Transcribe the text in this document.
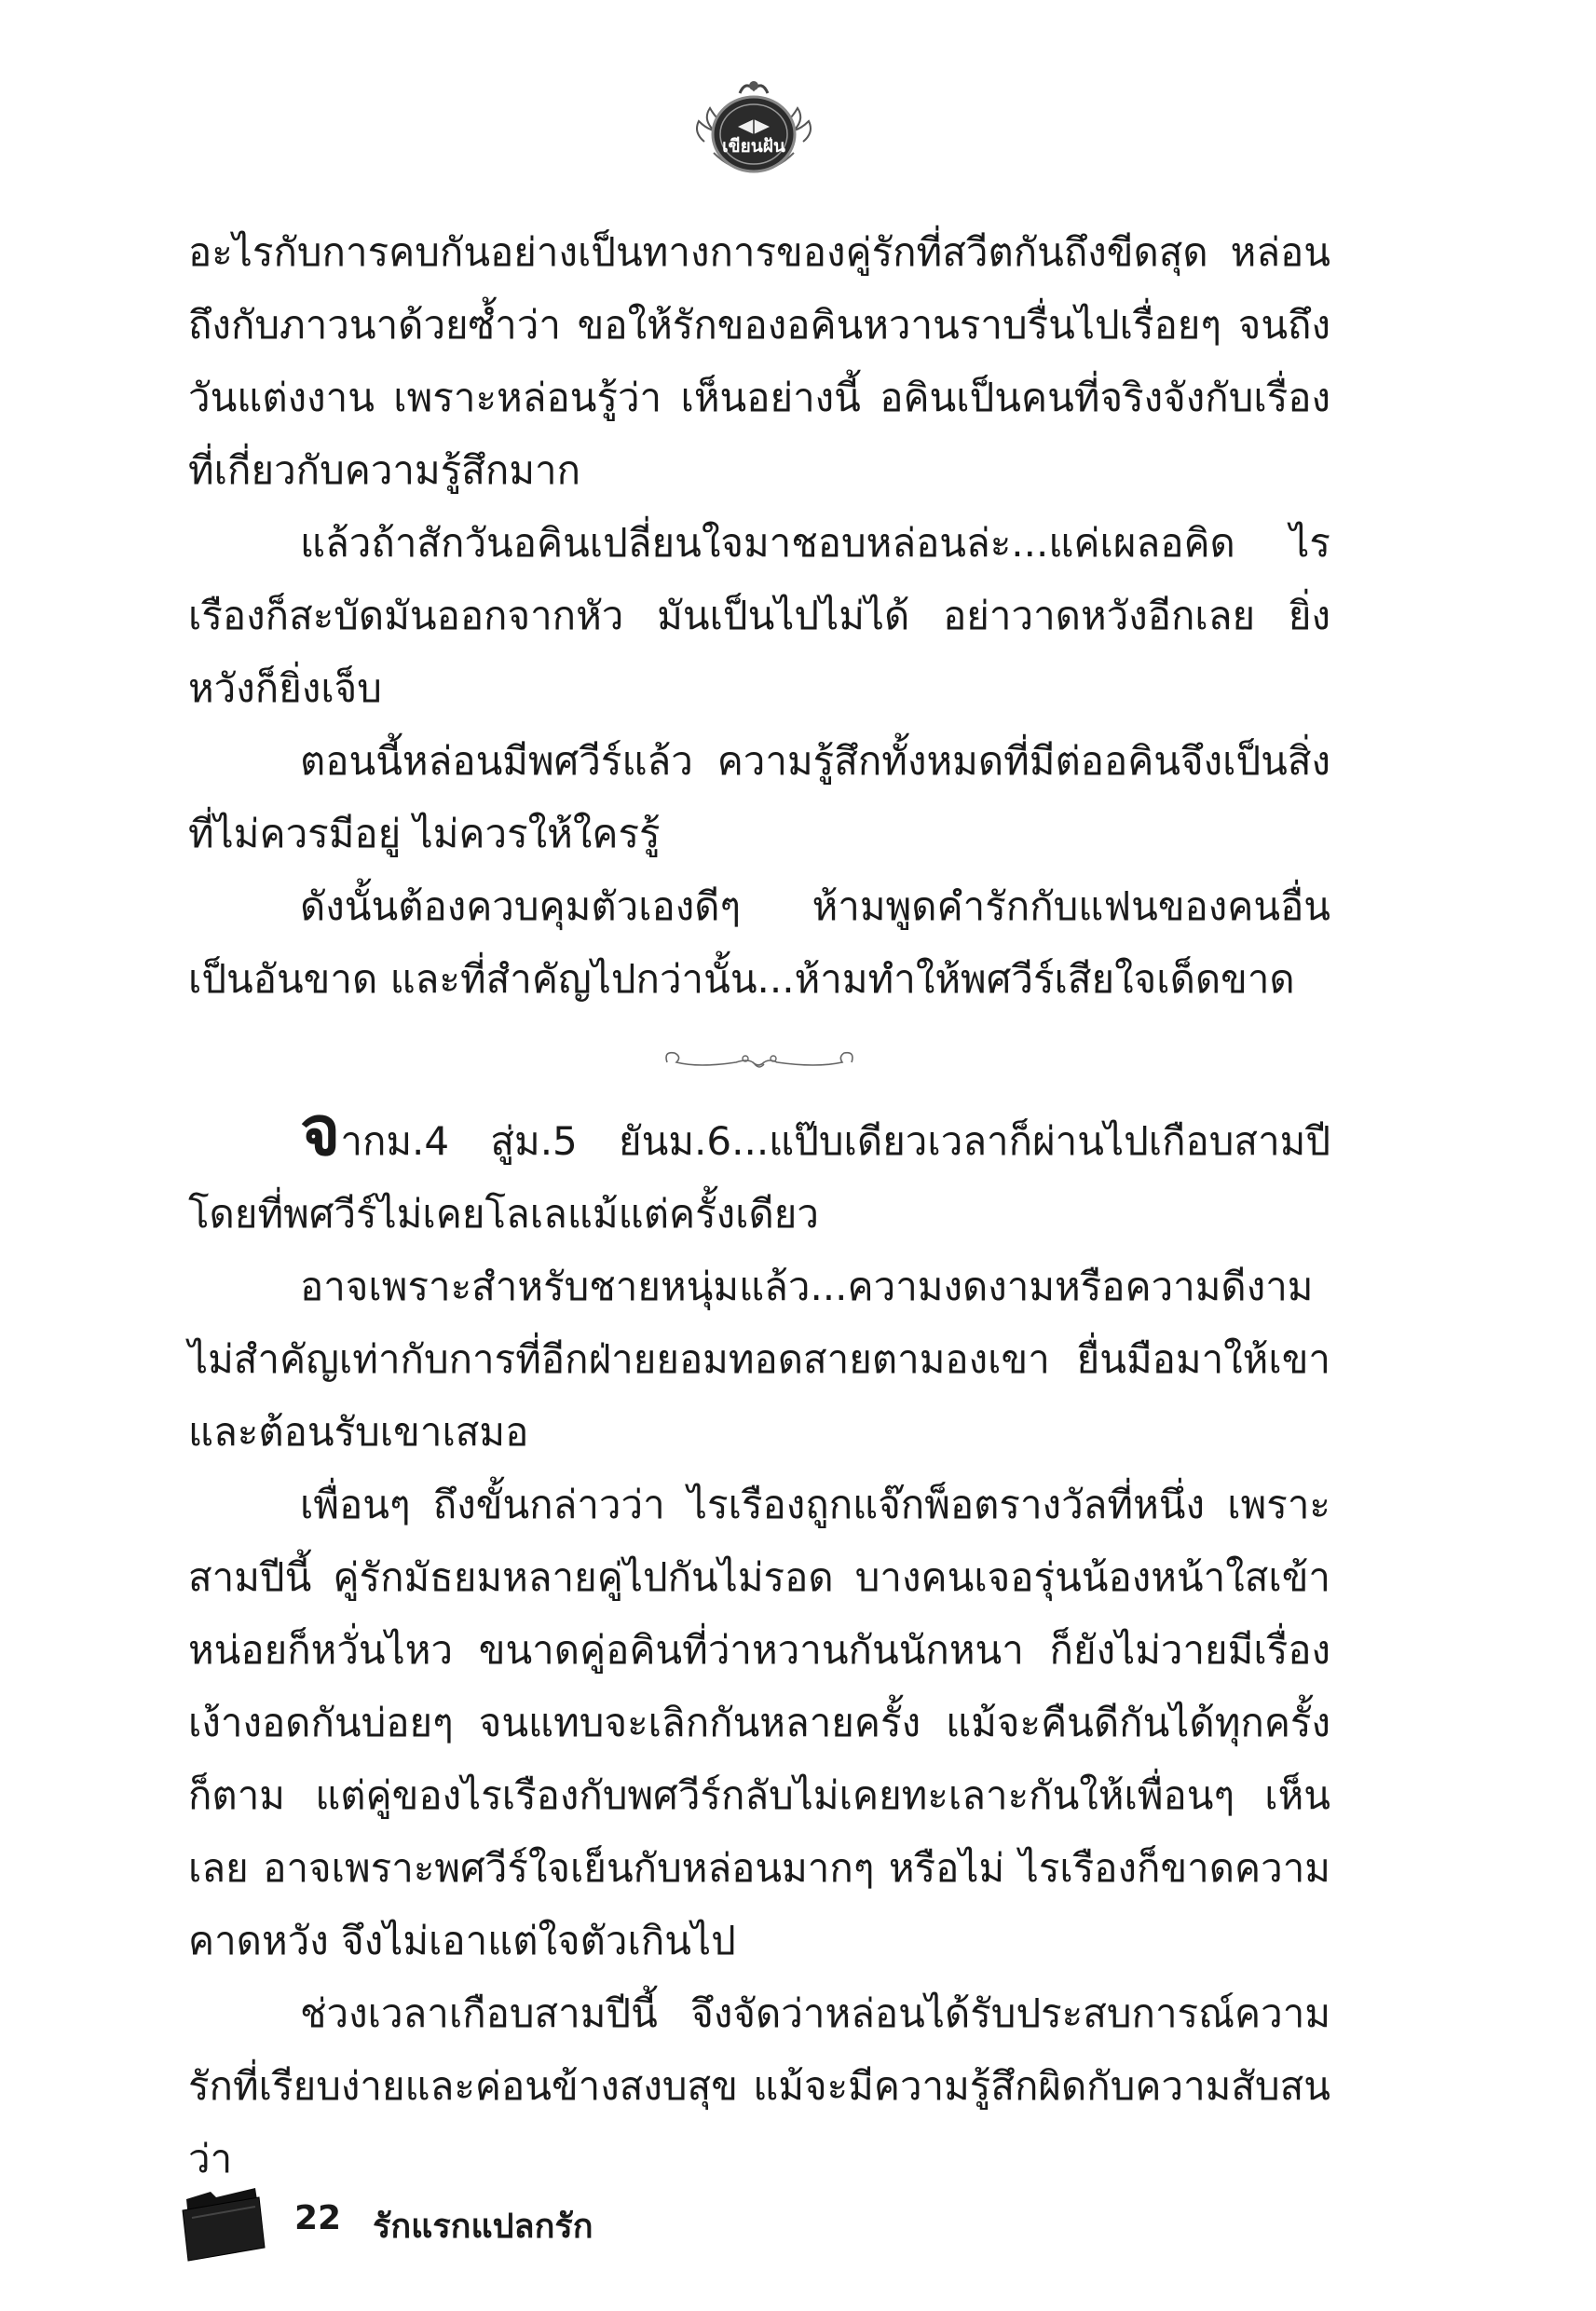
เขียนฝัน

อะไรกับการคบกันอย่างเป็นทางการของคู่รักที่สวีตกันถึงขีดสุด หล่อนถึงกับภาวนาด้วยซ้ำว่า ขอให้รักของอคินหวานราบรื่นไปเรื่อยๆ จนถึงวันแต่งงาน เพราะหล่อนรู้ว่า เห็นอย่างนี้ อคินเป็นคนที่จริงจังกับเรื่องที่เกี่ยวกับความรู้สึกมาก

แล้วถ้าสักวันอคินเปลี่ยนใจมาชอบหล่อนล่ะ...แค่เผลอคิด ไรเรืองก็สะบัดมันออกจากหัว มันเป็นไปไม่ได้ อย่าวาดหวังอีกเลย ยิ่งหวังก็ยิ่งเจ็บ

ตอนนี้หล่อนมีพศวีร์แล้ว ความรู้สึกทั้งหมดที่มีต่ออคินจึงเป็นสิ่งที่ไม่ควรมีอยู่ ไม่ควรให้ใครรู้

ดังนั้นต้องควบคุมตัวเองดีๆ ห้ามพูดคำรักกับแฟนของคนอื่นเป็นอันขาด และที่สำคัญไปกว่านั้น...ห้ามทำให้พศวีร์เสียใจเด็ดขาด

จากม.4 สู่ม.5 ยันม.6...แป๊บเดียวเวลาก็ผ่านไปเกือบสามปี โดยที่พศวีร์ไม่เคยโลเลแม้แต่ครั้งเดียว

อาจเพราะสำหรับชายหนุ่มแล้ว...ความงดงามหรือความดีงามไม่สำคัญเท่ากับการที่อีกฝ่ายยอมทอดสายตามองเขา ยื่นมือมาให้เขา และต้อนรับเขาเสมอ

เพื่อนๆ ถึงขั้นกล่าวว่า ไรเรืองถูกแจ๊กพ็อตรางวัลที่หนึ่ง เพราะสามปีนี้ คู่รักมัธยมหลายคู่ไปกันไม่รอด บางคนเจอรุ่นน้องหน้าใสเข้าหน่อยก็หวั่นไหว ขนาดคู่อคินที่ว่าหวานกันนักหนา ก็ยังไม่วายมีเรื่องเง้างอดกันบ่อยๆ จนแทบจะเลิกกันหลายครั้ง แม้จะคืนดีกันได้ทุกครั้งก็ตาม แต่คู่ของไรเรืองกับพศวีร์กลับไม่เคยทะเลาะกันให้เพื่อนๆ เห็นเลย อาจเพราะพศวีร์ใจเย็นกับหล่อนมากๆ หรือไม่ ไรเรืองก็ขาดความคาดหวัง จึงไม่เอาแต่ใจตัวเกินไป

ช่วงเวลาเกือบสามปีนี้ จึงจัดว่าหล่อนได้รับประสบการณ์ความรักที่เรียบง่ายและค่อนข้างสงบสุข แม้จะมีความรู้สึกผิดกับความสับสนว่า

22 รักแรกแปลกรัก
